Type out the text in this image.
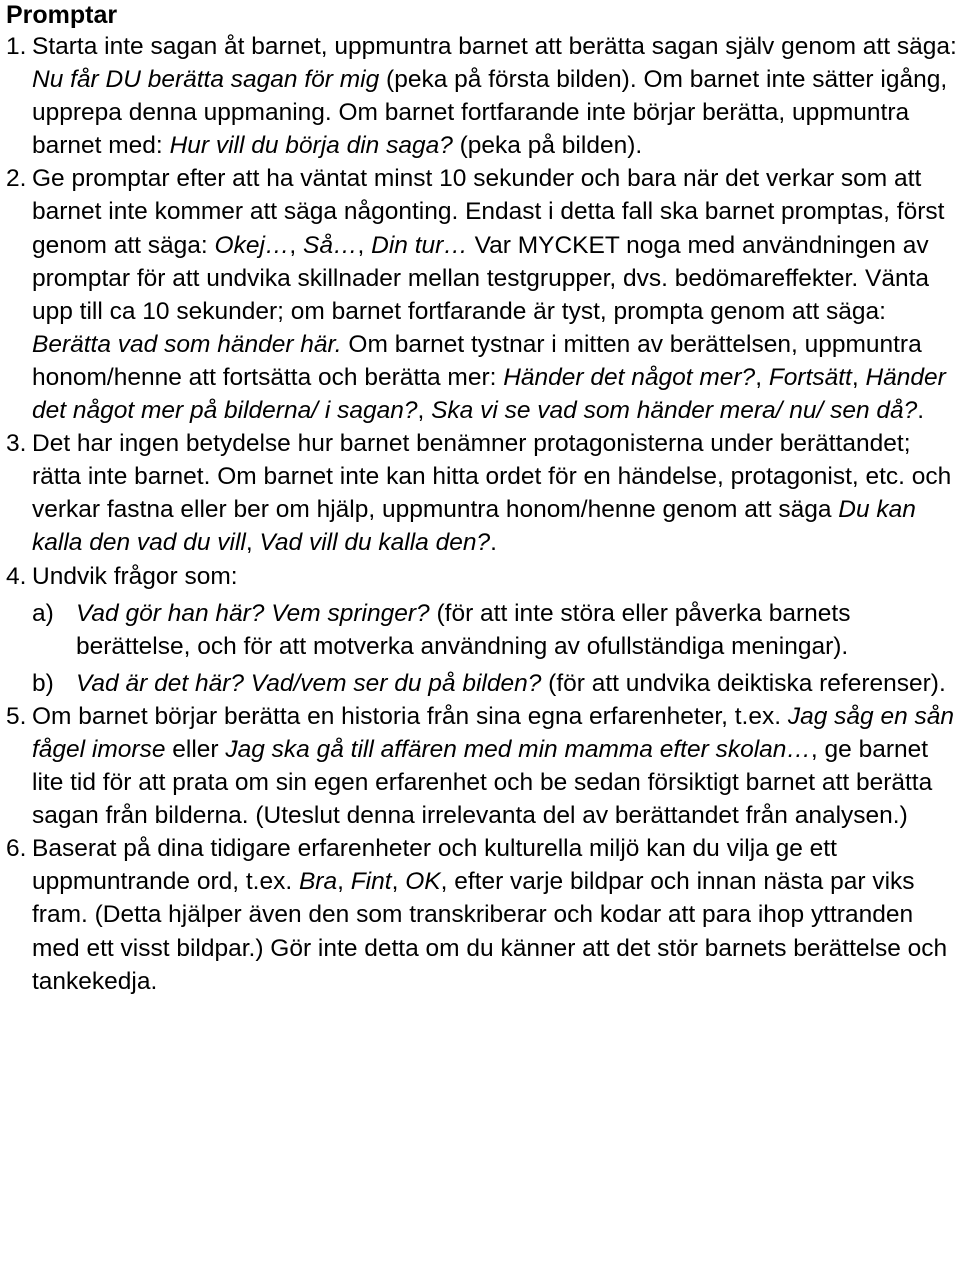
Promptar
1. Starta inte sagan åt barnet, uppmuntra barnet att berätta sagan själv genom att säga: Nu får DU berätta sagan för mig (peka på första bilden). Om barnet inte sätter igång, upprepa denna uppmaning. Om barnet fortfarande inte börjar berätta, uppmuntra barnet med: Hur vill du börja din saga? (peka på bilden).
2. Ge promptar efter att ha väntat minst 10 sekunder och bara när det verkar som att barnet inte kommer att säga någonting. Endast i detta fall ska barnet promptas, först genom att säga: Okej…, Så…, Din tur… Var MYCKET noga med användningen av promptar för att undvika skillnader mellan testgrupper, dvs. bedömareffekter. Vänta upp till ca 10 sekunder; om barnet fortfarande är tyst, prompta genom att säga: Berätta vad som händer här. Om barnet tystnar i mitten av berättelsen, uppmuntra honom/henne att fortsätta och berätta mer: Händer det något mer?, Fortsätt, Händer det något mer på bilderna/ i sagan?, Ska vi se vad som händer mera/ nu/ sen då?.
3. Det har ingen betydelse hur barnet benämner protagonisterna under berättandet; rätta inte barnet. Om barnet inte kan hitta ordet för en händelse, protagonist, etc. och verkar fastna eller ber om hjälp, uppmuntra honom/henne genom att säga Du kan kalla den vad du vill, Vad vill du kalla den?.
4. Undvik frågor som:
a) Vad gör han här? Vem springer? (för att inte störa eller påverka barnets berättelse, och för att motverka användning av ofullständiga meningar).
b) Vad är det här? Vad/vem ser du på bilden? (för att undvika deiktiska referenser).
5. Om barnet börjar berätta en historia från sina egna erfarenheter, t.ex. Jag såg en sån fågel imorse eller Jag ska gå till affären med min mamma efter skolan…, ge barnet lite tid för att prata om sin egen erfarenhet och be sedan försiktigt barnet att berätta sagan från bilderna. (Uteslut denna irrelevanta del av berättandet från analysen.)
6. Baserat på dina tidigare erfarenheter och kulturella miljö kan du vilja ge ett uppmuntrande ord, t.ex. Bra, Fint, OK, efter varje bildpar och innan nästa par viks fram. (Detta hjälper även den som transkriberar och kodar att para ihop yttranden med ett visst bildpar.) Gör inte detta om du känner att det stör barnets berättelse och tankekedja.
